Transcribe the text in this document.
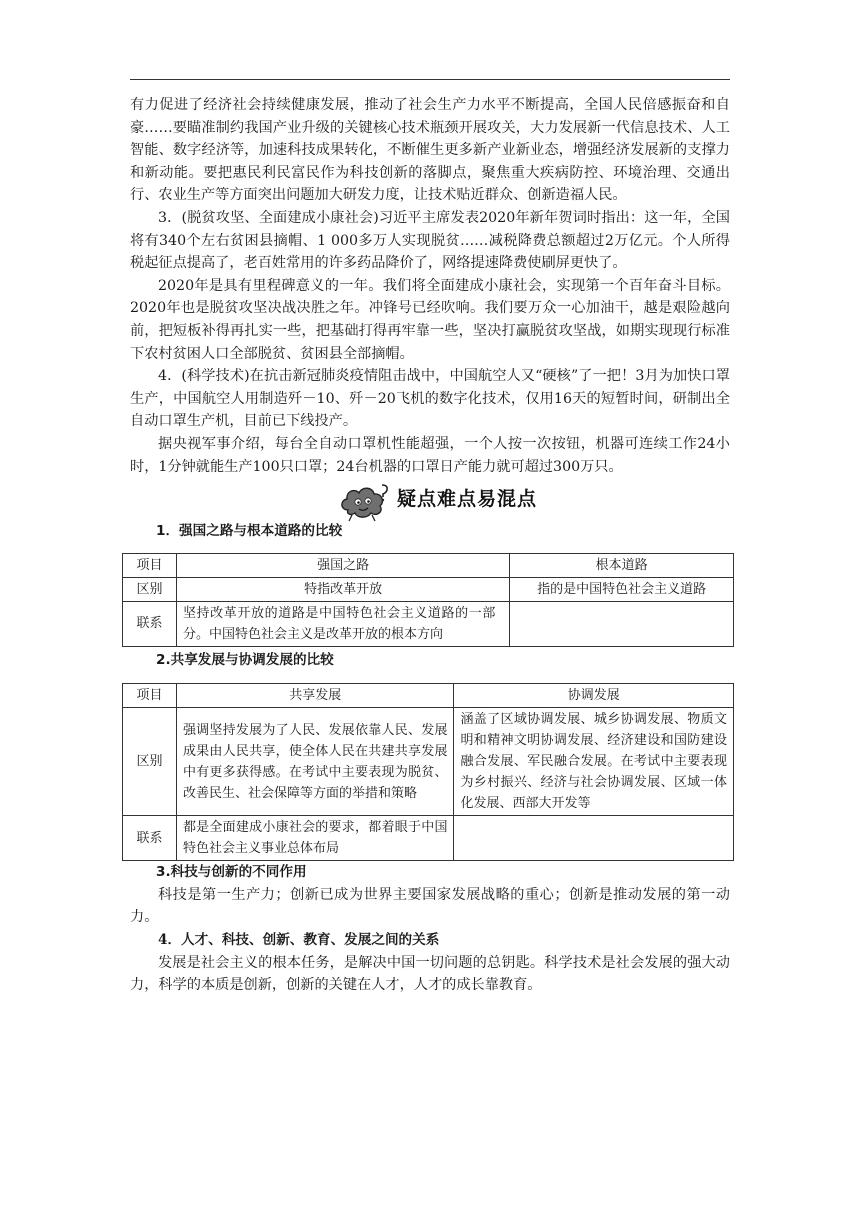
有力促进了经济社会持续健康发展，推动了社会生产力水平不断提高，全国人民倍感振奋和自豪……要瞄准制约我国产业升级的关键核心技术瓶颈开展攻关，大力发展新一代信息技术、人工智能、数字经济等，加速科技成果转化，不断催生更多新产业新业态，增强经济发展新的支撑力和新动能。要把惠民利民富民作为科技创新的落脚点，聚焦重大疾病防控、环境治理、交通出行、农业生产等方面突出问题加大研发力度，让技术贴近群众、创新造福人民。

3．(脱贫攻坚、全面建成小康社会)习近平主席发表2020年新年贺词时指出：这一年，全国将有340个左右贫困县摘帽、1 000多万人实现脱贫……减税降费总额超过2万亿元。个人所得税起征点提高了，老百姓常用的许多药品降价了，网络提速降费使刷屏更快了。

2020年是具有里程碑意义的一年。我们将全面建成小康社会，实现第一个百年奋斗目标。2020年也是脱贫攻坚决战决胜之年。冲锋号已经吹响。我们要万众一心加油干，越是艰险越向前，把短板补得再扎实一些，把基础打得再牢靠一些，坚决打赢脱贫攻坚战，如期实现现行标准下农村贫困人口全部脱贫、贫困县全部摘帽。

4．(科学技术)在抗击新冠肺炎疫情阻击战中，中国航空人又“硬核”了一把！3月为加快口罩生产，中国航空人用制造歼－10、歼－20飞机的数字化技术，仅用16天的短暂时间，研制出全自动口罩生产机，目前已下线投产。

据央视军事介绍，每台全自动口罩机性能超强，一个人按一次按钮，机器可连续工作24小时，1分钟就能生产100只口罩；24台机器的口罩日产能力就可超过300万只。

疑点难点易混点

1．强国之路与根本道路的比较

项目	强国之路	根本道路
区别	特指改革开放	指的是中国特色社会主义道路
联系	坚持改革开放的道路是中国特色社会主义道路的一部分。中国特色社会主义是改革开放的根本方向	

2.共享发展与协调发展的比较

项目	共享发展	协调发展
区别	强调坚持发展为了人民、发展依靠人民、发展成果由人民共享，使全体人民在共建共享发展中有更多获得感。在考试中主要表现为脱贫、改善民生、社会保障等方面的举措和策略	涵盖了区域协调发展、城乡协调发展、物质文明和精神文明协调发展、经济建设和国防建设融合发展、军民融合发展。在考试中主要表现为乡村振兴、经济与社会协调发展、区域一体化发展、西部大开发等
联系	都是全面建成小康社会的要求，都着眼于中国特色社会主义事业总体布局	

3.科技与创新的不同作用

科技是第一生产力；创新已成为世界主要国家发展战略的重心；创新是推动发展的第一动力。

4．人才、科技、创新、教育、发展之间的关系

发展是社会主义的根本任务，是解决中国一切问题的总钥匙。科学技术是社会发展的强大动力，科学的本质是创新，创新的关键在人才，人才的成长靠教育。
